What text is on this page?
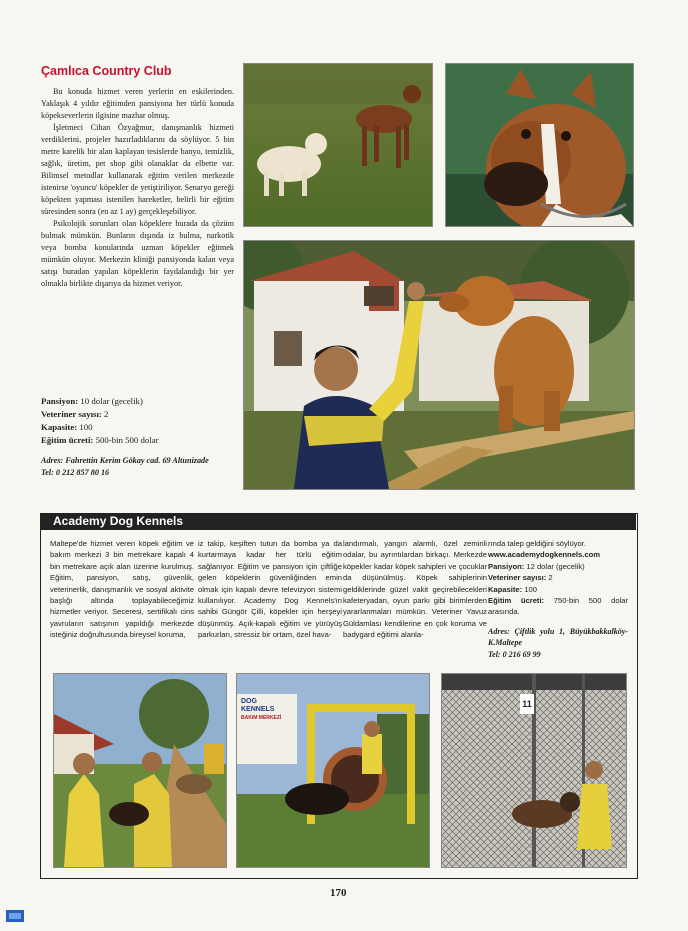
Çamlıca Country Club

Bu konuda hizmet veren yerlerin en eskilerinden. Yaklaşık 4 yıldır eğitimden pansiyona her türlü konuda köpekseverlerin ilgisine mazhar olmuş.

İşletmeci Cihan Özyağmur, danışmanlık hizmeti verdiklerini, projeler hazırladıklarını da söylüyor. 5 bin metre karelik bir alan kaplayan tesislerde banyo, temizlik, sağlık, üretim, pet shop gibi olanaklar da elbette var. Bilimsel metodlar kullanarak eğitim verilen merkezde istenirse 'oyuncu' köpekler de yetiştiriliyor. Senaryo gereği köpekten yapması istenilen hareketler, belirli bir eğitim süresinden sonra (en az 1 ay) gerçekleşebiliyor.

Psikolojik sorunları olan köpeklere burada da çözüm bulmak mümkün. Bunların dışında iz bulma, narkotik veya bomba konularında uzman köpekler eğitmek mümkün oluyor. Merkezin kliniği pansiyonda kalan veya satışı buradan yapılan köpeklerin faydalandığı bir yer olmakla birlikte dışarıya da hizmet veriyor.

Pansiyon: 10 dolar (gecelik)
Veteriner sayısı: 2
Kapasite: 100
Eğitim ücreti: 500-bin 500 dolar
Adres: Fahrettin Kerim Gökay cad. 69 Altunizade
Tel: 0 212 857 80 16
Academy Dog Kennels

Maltepe'de hizmet veren köpek eğitim ve bakım merkezi 3 bin metrekare kapalı 4 bin metrekare açık alan üzerine kurulmuş. Eğitim, pansiyon, satış, güvenlik, veterinerlik, danışmanlık ve sosyal aktivite başlığı altında toplayabileceğimiz hizmetler veriyor. Seceresi, sertifikalı cins yavruların satışının yapıldığı merkezde isteğiniz doğrultusunda bireysel koruma,

iz takip, keşiften tutun da bomba ya da kurtarmaya kadar her türlü eğitim sağlanıyor. Eğitim ve pansiyon için çiftliğe gelen köpeklerin güvenliğinden emin olmak için kapalı devre televizyon sistemi kullanılıyor. Academy Dog Kennels'ın sahibi Güngör Çilli, köpekler için herşeyi düşünmüş. Açık-kapalı eğitim ve yürüyüş parkurları, stressiz bir ortam, özel hava-

landırmalı, yangın alarmlı, özel zeminli odalar, bu ayrıntılardan birkaçı. Merkezde köpekler kadar köpek sahipleri ve çocuklar da düşünülmüş. Köpek sahiplerinin geldiklerinde güzel vakit geçirebilecekleri kafeteryadan, oyun parkı gibi birimlerden yararlanmaları mümkün. Veteriner Yavuz Güldamlası kendilerine en çok koruma ve badygard eğitimi alanla-

rında talep geldiğini söylüyor.

www.academydogkennels.com

Pansiyon: 12 dolar (gecelik)

Veteriner sayısı: 2

Kapasite: 100

Eğitim ücreti: 750-bin 500 dolar arasında.

Adres: Çiftlik yolu 1, Büyükbakkalköy-K.Maltepe

Tel: 0 216 69 99

DOG KENNELS
BAKIM MERKEZİ
11
170
